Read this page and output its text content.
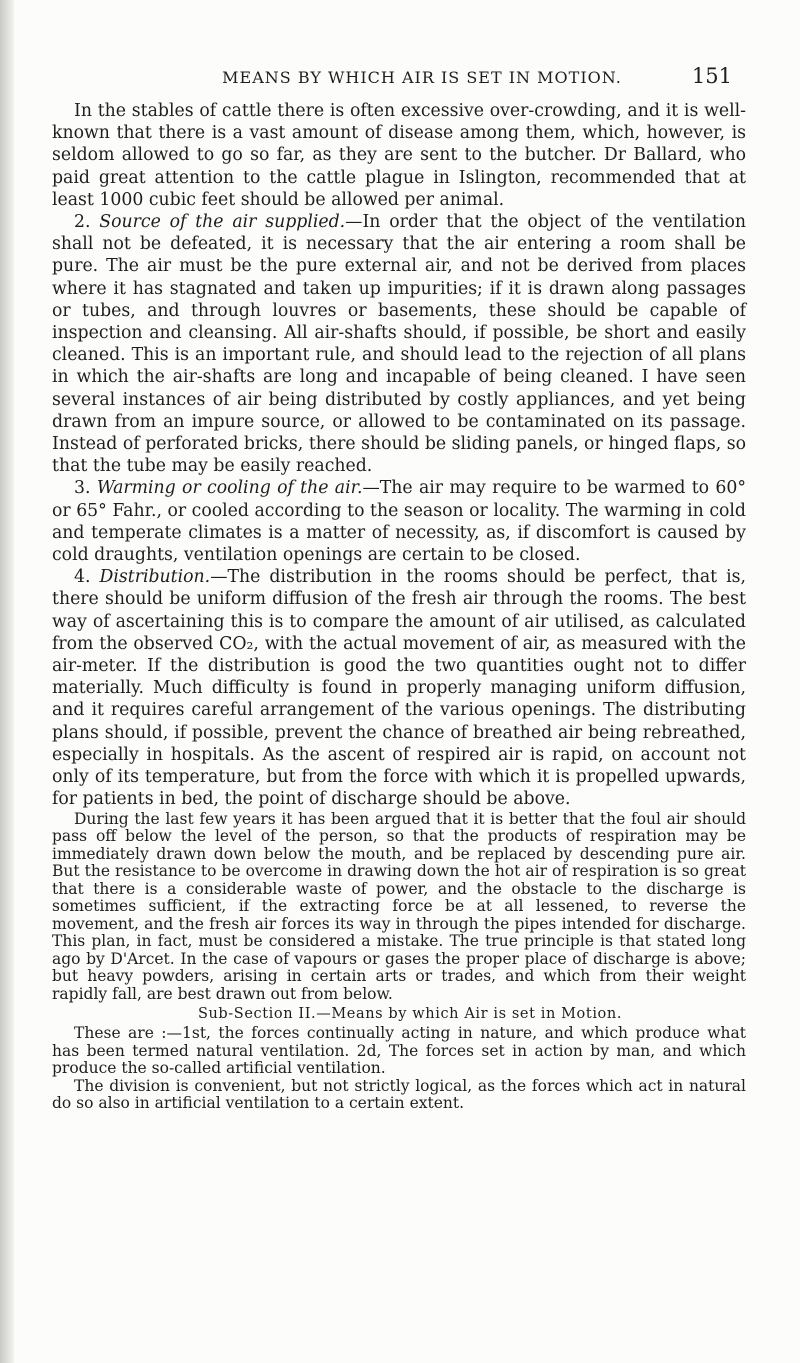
MEANS BY WHICH AIR IS SET IN MOTION.	151

In the stables of cattle there is often excessive over-crowding, and it is well-known that there is a vast amount of disease among them, which, however, is seldom allowed to go so far, as they are sent to the butcher. Dr Ballard, who paid great attention to the cattle plague in Islington, recommended that at least 1000 cubic feet should be allowed per animal.

2. Source of the air supplied.—In order that the object of the ventilation shall not be defeated, it is necessary that the air entering a room shall be pure. The air must be the pure external air, and not be derived from places where it has stagnated and taken up impurities; if it is drawn along passages or tubes, and through louvres or basements, these should be capable of inspection and cleansing. All air-shafts should, if possible, be short and easily cleaned. This is an important rule, and should lead to the rejection of all plans in which the air-shafts are long and incapable of being cleaned. I have seen several instances of air being distributed by costly appliances, and yet being drawn from an impure source, or allowed to be contaminated on its passage. Instead of perforated bricks, there should be sliding panels, or hinged flaps, so that the tube may be easily reached.

3. Warming or cooling of the air.—The air may require to be warmed to 60° or 65° Fahr., or cooled according to the season or locality. The warming in cold and temperate climates is a matter of necessity, as, if discomfort is caused by cold draughts, ventilation openings are certain to be closed.

4. Distribution.—The distribution in the rooms should be perfect, that is, there should be uniform diffusion of the fresh air through the rooms. The best way of ascertaining this is to compare the amount of air utilised, as calculated from the observed CO₂, with the actual movement of air, as measured with the air-meter. If the distribution is good the two quantities ought not to differ materially. Much difficulty is found in properly managing uniform diffusion, and it requires careful arrangement of the various openings. The distributing plans should, if possible, prevent the chance of breathed air being rebreathed, especially in hospitals. As the ascent of respired air is rapid, on account not only of its temperature, but from the force with which it is propelled upwards, for patients in bed, the point of discharge should be above.

During the last few years it has been argued that it is better that the foul air should pass off below the level of the person, so that the products of respiration may be immediately drawn down below the mouth, and be replaced by descending pure air. But the resistance to be overcome in drawing down the hot air of respiration is so great that there is a considerable waste of power, and the obstacle to the discharge is sometimes sufficient, if the extracting force be at all lessened, to reverse the movement, and the fresh air forces its way in through the pipes intended for discharge. This plan, in fact, must be considered a mistake. The true principle is that stated long ago by D'Arcet. In the case of vapours or gases the proper place of discharge is above; but heavy powders, arising in certain arts or trades, and which from their weight rapidly fall, are best drawn out from below.

Sub-Section II.—Means by which Air is set in Motion.

These are :—1st, the forces continually acting in nature, and which produce what has been termed natural ventilation. 2d, The forces set in action by man, and which produce the so-called artificial ventilation.

The division is convenient, but not strictly logical, as the forces which act in natural do so also in artificial ventilation to a certain extent.
